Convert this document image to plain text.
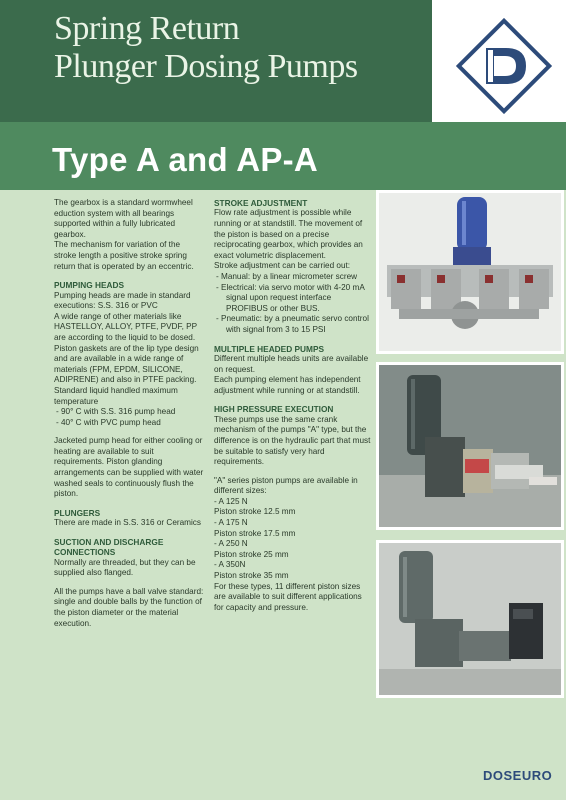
Spring Return
Plunger Dosing Pumps
Type A and AP-A

The gearbox is a standard wormwheel eduction system with all bearings supported within a fully lubricated gearbox.

The mechanism for variation of the stroke length a positive stroke spring return that is operated by an eccentric.

PUMPING HEADS

Pumping heads are made in standard executions: S.S. 316 or PVC

A wide range of other materials like HASTELLOY, ALLOY, PTFE, PVDF, PP are according to the liquid to be dosed.

Piston gaskets are of the lip type design and are available in a wide range of materials (FPM, EPDM, SILICONE, ADIPRENE) and also in PTFE packing.

Standard liquid handled maximum temperature

- 90° C with S.S. 316 pump head
- 40° C with PVC pump head

Jacketed pump head for either cooling or heating are available to suit requirements. Piston glanding arrangements can be supplied with water washed seals to continuously flush the piston.

PLUNGERS

There are made in S.S. 316 or Ceramics

SUCTION AND DISCHARGE CONNECTIONS

Normally are threaded, but they can be supplied also flanged.

All the pumps have a ball valve standard: single and double balls by the function of the piston diameter or the material execution.

STROKE ADJUSTMENT

Flow rate adjustment is possible while running or at standstill. The movement of the piston is based on a precise reciprocating gearbox, which provides an exact volumetric displacement.

Stroke adjustment can be carried out:

- Manual: by a linear micrometer screw
- Electrical: via servo motor with 4-20 mA signal upon request interface PROFIBUS or other BUS.
- Pneumatic: by a pneumatic servo control with signal from 3 to 15 PSI
MULTIPLE HEADED PUMPS

Different multiple heads units are available on request.

Each pumping element has independent adjustment while running or at standstill.

HIGH PRESSURE EXECUTION

These pumps use the same crank mechanism of the pumps "A" type, but the difference is on the hydraulic part that must be suitable to satisfy very hard requirements.

"A" series piston pumps are available in different sizes:

- A 125 N

Piston stroke 12.5 mm

- A 175 N

Piston stroke 17.5 mm

- A 250 N

Piston stroke 25 mm

- A 350N

Piston stroke 35 mm

For these types, 11 different piston sizes are available to suit different applications for capacity and pressure.

DOSEURO
